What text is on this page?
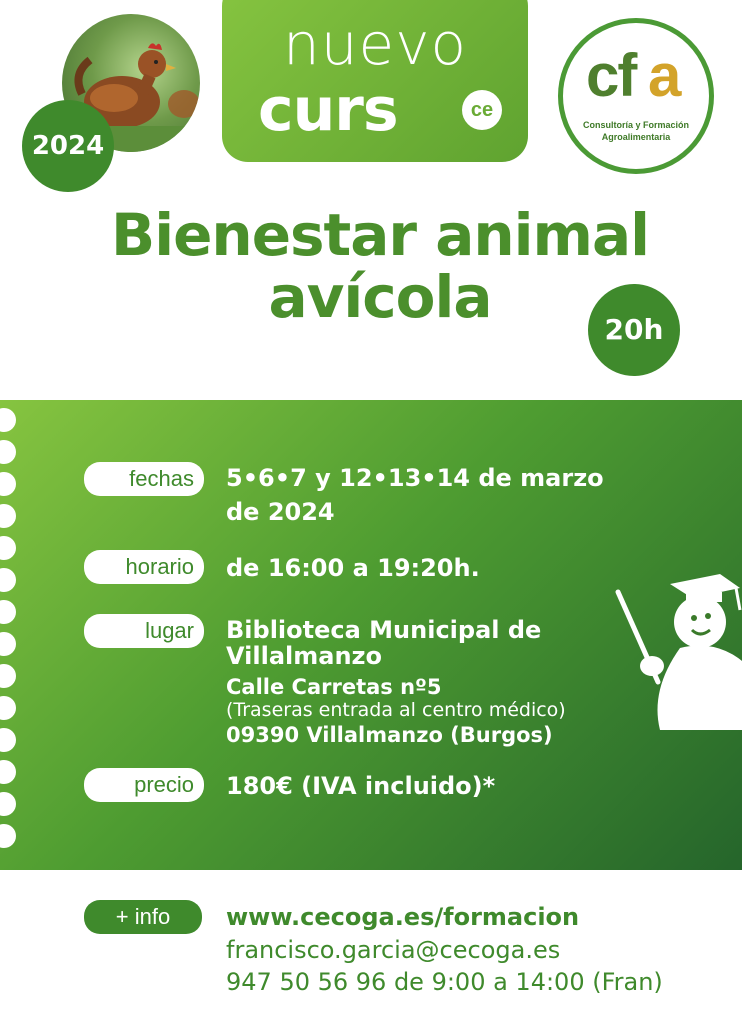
nuevo
curs	ce
2024
cf a
Consultoría y Formación
Agroalimentaria
Bienestar animal
avícola	20h
fechas	5•6•7 y 12•13•14 de marzo
de 2024
horario	de 16:00 a 19:20h.
lugar	Biblioteca Municipal de
Villalmanzo
Calle Carretas nº5
(Traseras entrada al centro médico)
09390 Villalmanzo (Burgos)
precio	180€ (IVA incluido)*
+ info	www.cecoga.es/formacion
francisco.garcia@cecoga.es
947 50 56 96 de 9:00 a 14:00 (Fran)
